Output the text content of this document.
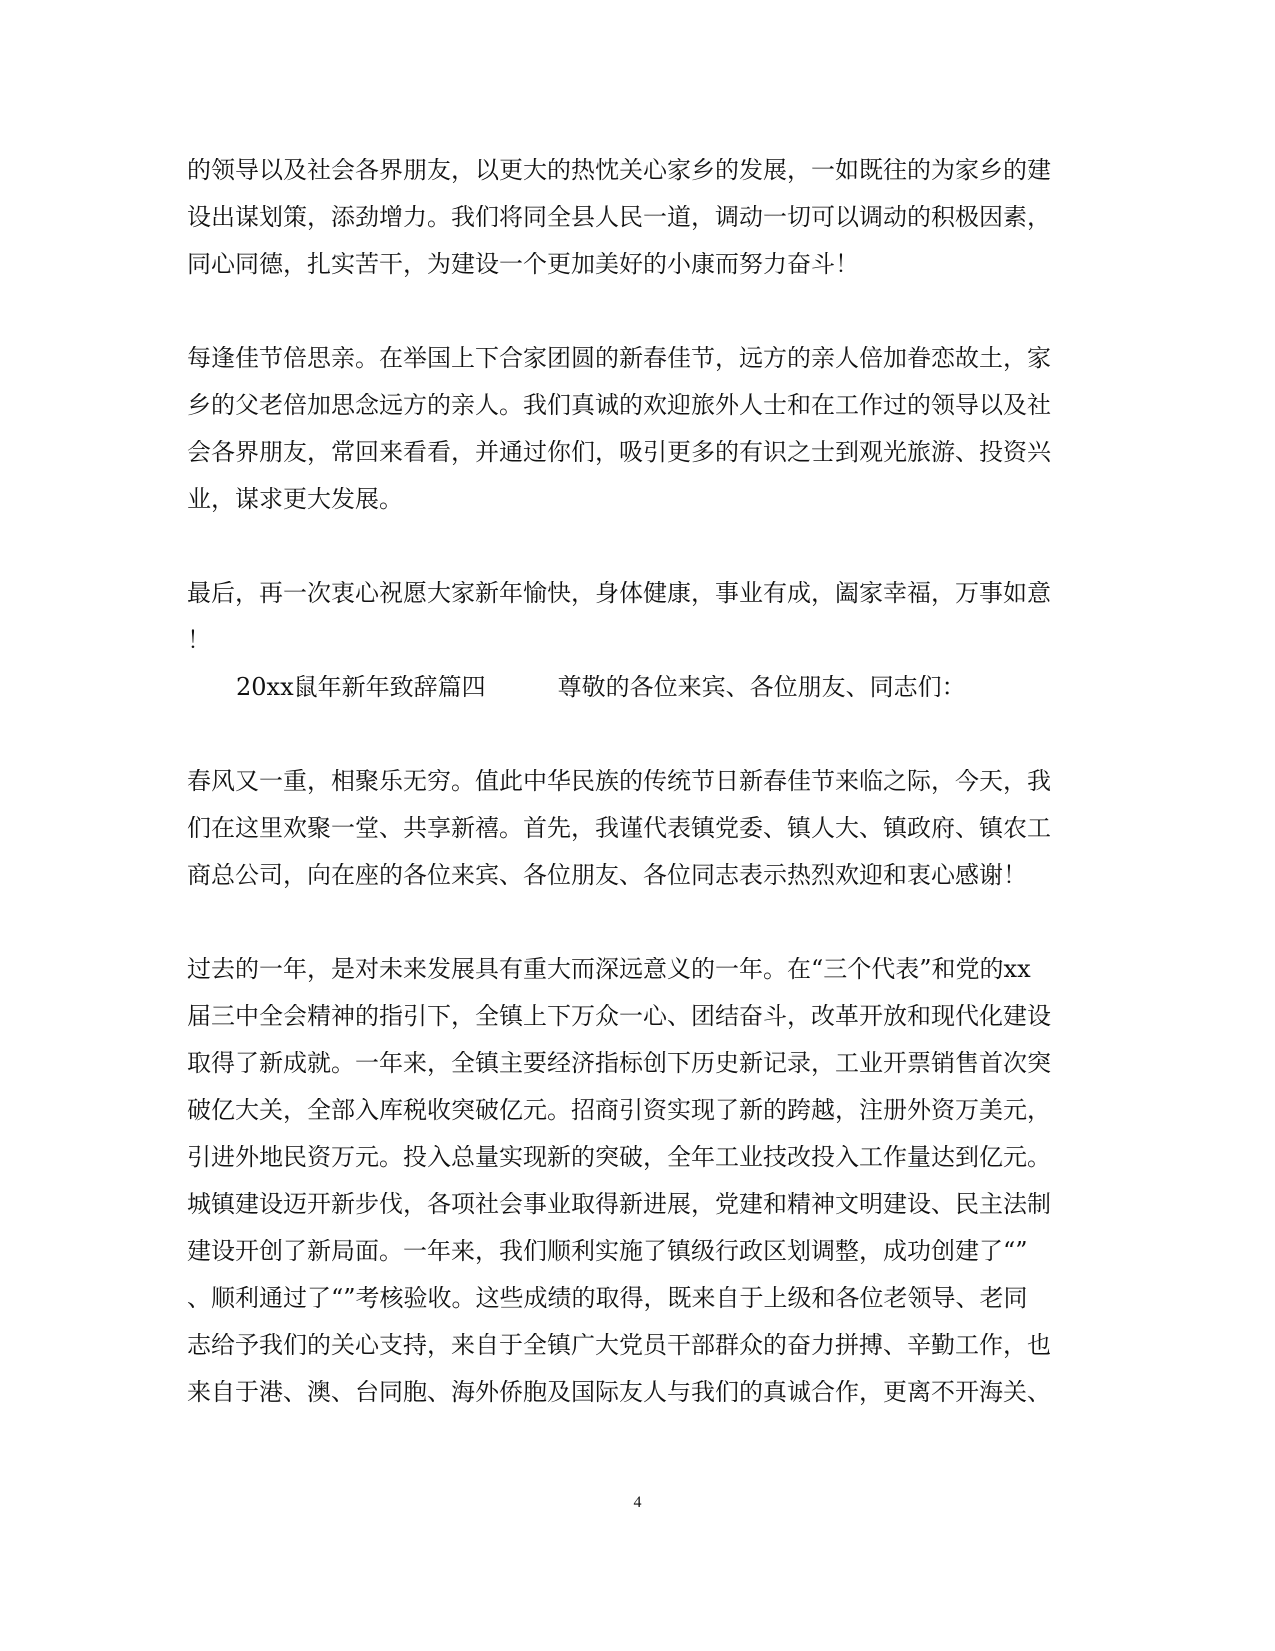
的领导以及社会各界朋友，以更大的热忱关心家乡的发展，一如既往的为家乡的建
设出谋划策，添劲增力。我们将同全县人民一道，调动一切可以调动的积极因素，
同心同德，扎实苦干，为建设一个更加美好的小康而努力奋斗！
每逢佳节倍思亲。在举国上下合家团圆的新春佳节，远方的亲人倍加眷恋故土，家
乡的父老倍加思念远方的亲人。我们真诚的欢迎旅外人士和在工作过的领导以及社
会各界朋友，常回来看看，并通过你们，吸引更多的有识之士到观光旅游、投资兴
业，谋求更大发展。
最后，再一次衷心祝愿大家新年愉快，身体健康，事业有成，阖家幸福，万事如意
！
20xx鼠年新年致辞篇四　　　尊敬的各位来宾、各位朋友、同志们：
春风又一重，相聚乐无穷。值此中华民族的传统节日新春佳节来临之际，今天，我
们在这里欢聚一堂、共享新禧。首先，我谨代表镇党委、镇人大、镇政府、镇农工
商总公司，向在座的各位来宾、各位朋友、各位同志表示热烈欢迎和衷心感谢！
过去的一年，是对未来发展具有重大而深远意义的一年。在“三个代表”和党的xx
届三中全会精神的指引下，全镇上下万众一心、团结奋斗，改革开放和现代化建设
取得了新成就。一年来，全镇主要经济指标创下历史新记录，工业开票销售首次突
破亿大关，全部入库税收突破亿元。招商引资实现了新的跨越，注册外资万美元，
引进外地民资万元。投入总量实现新的突破，全年工业技改投入工作量达到亿元。
城镇建设迈开新步伐，各项社会事业取得新进展，党建和精神文明建设、民主法制
建设开创了新局面。一年来，我们顺利实施了镇级行政区划调整，成功创建了“”
、顺利通过了“”考核验收。这些成绩的取得，既来自于上级和各位老领导、老同
志给予我们的关心支持，来自于全镇广大党员干部群众的奋力拼搏、辛勤工作，也
来自于港、澳、台同胞、海外侨胞及国际友人与我们的真诚合作，更离不开海关、
4
